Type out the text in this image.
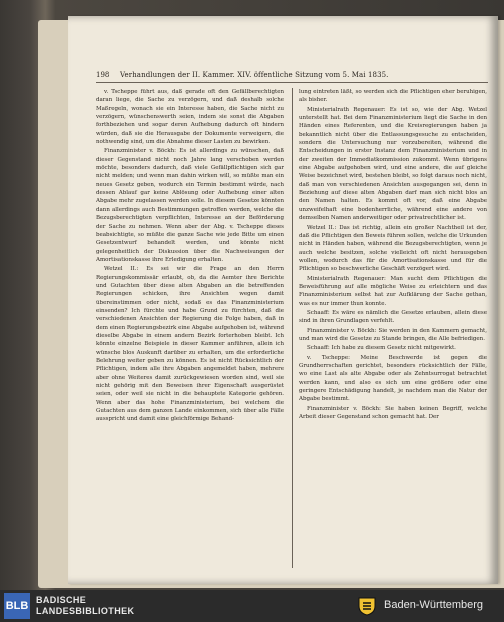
198 Verhandlungen der II. Kammer. XIV. öffentliche Sitzung vom 5. Mai 1835.

v. Tscheppe führt aus, daß gerade oft den Gefällberechtigten daran liege, die Sache zu verzögern, und daß deshalb solche Maßregeln, wonach sie ein Interesse haben, die Sache nicht zu verzögern, wünschenswerth seien, indem sie sonst die Abgaben forthbeziehen und sogar deren Aufhebung dadurch oft hindern würden, daß sie die Herausgabe der Dokumente verweigern, die nothwendig sind, um die Abnahme dieser Lasten zu bewirken.

Finanzminister v. Böckh: Es ist allerdings zu wünschen, daß dieser Gegenstand nicht noch Jahre lang verschoben werden möchte, besonders dadurch, daß viele Gefällpflichtigen sich gar nicht melden; und wenn man dahin wirken will, so müßte man ein neues Gesetz geben, wodurch ein Termin bestimmt würde, nach dessen Ablauf gar keine Ablösung oder Aufhebung einer alten Abgabe mehr zugelassen werden solle. In diesem Gesetze könnten dann allerdings auch Bestimmungen getroffen werden, welche die Bezugsberechtigten verpflichten, Interesse an der Beförderung der Sache zu nehmen. Wenn aber der Abg. v. Tscheppe dieses beabsichtigte, so müßte die ganze Sache wie jede Bitte um einen Gesetzentwurf behandelt werden, und könnte nicht gelegenheitlich der Diskussion über die Nachweisungen der Amortisationskasse ihre Erledigung erhalten.

Wetzel II.: Es sei wir die Frage an den Herrn Regierungskommissär erlaubt, ob, da die Aemter ihre Berichte und Gutachten über diese alten Abgaben an die betreffenden Regierungen schicken, ihre Ansichten wegen damit übereinstimmen oder nicht, sodaß es das Finanzministerium einsenden? Ich fürchte und habe Grund zu fürchten, daß die verschiedenen Ansichten der Regierung die Folge haben, daß in dem einen Regierungsbezirk eine Abgabe aufgehoben ist, während dieselbe Abgabe in einem andern Bezirk forterhoben bleibt. Ich könnte einzelne Beispiele in dieser Kammer anführen, allein ich wünsche blos Auskunft darüber zu erhalten, um die erforderliche Belehrung weiter geben zu können. Es ist nicht Rücksichtlich der Pflichtigen, indem alle ihre Abgaben angemeldet haben, mehrere aber ohne Weiteres damit zurückgewiesen worden sind, weil sie nicht gehörig mit den Beweisen ihrer Eigenschaft ausgerüstet seien, oder weil sie nicht in die behauptete Kategorie gehören. Wenn aber das hohe Finanzministerium, bei welchem die Gutachten aus dem ganzen Lande einkommen, sich über alle Fälle ausspricht und damit eine gleichförmige Behand-

lung eintreten läßt, so werden sich die Pflichtigen eher beruhigen, als bisher.

Ministerialrath Regenauer: Es ist so, wie der Abg. Wetzel unterstellt hat. Bei dem Finanzministerium liegt die Sache in den Händen eines Referenten, und die Kreisregierungen haben ja bekanntlich nicht über die Entlassungsgesuche zu entscheiden, sondern die Untersuchung nur vorzubereiten, während die Entscheidungen in erster Instanz dem Finanzministerium und in der zweiten der Immediatkommission zukommt. Wenn übrigens eine Abgabe aufgehoben wird, und eine andere, die auf gleiche Weise bezeichnet wird, bestehen bleibt, so folgt daraus noch nicht, daß man von verschiedenen Ansichten ausgegangen sei, denn in Beziehung auf diese alten Abgaben darf man sich nicht blos an den Namen halten. Es kommt oft vor, daß eine Abgabe unzweifelhaft eine bodenherrliche, während eine andere von demselben Namen anderweitiger oder privatrechtlicher ist.

Wetzel II.: Das ist richtig, allein ein großer Nachtheil ist der, daß die Pflichtigen den Beweis führen sollen, welche die Urkunden nicht in Händen haben, während die Bezugsberechtigten, wenn je auch welche besitzen, solche vielleicht oft nicht herausgeben wollen, wodurch das für die Amortisationskasse und für die Pflichtigen so beschwerliche Geschäft verzögert wird.

Ministerialrath Regenauer: Man sucht dem Pflichtigen die Beweisführung auf alle mögliche Weise zu erleichtern und das Finanzministerium selbst hat zur Aufklärung der Sache gethan, was es nur immer thun konnte.

Schaaff: Es wäre es nämlich die Gesetze erlauben, allein diese sind in ihren Grundlagen verfehlt.

Finanzminister v. Böckh: Sie werden in den Kammern gemacht, und man wird die Gesetze zu Stande bringen, die Alle befriedigen.

Schaaff: Ich habe zu diesem Gesetz nicht mitgewirkt.

v. Tscheppe: Meine Beschwerde ist gegen die Grundherrschaften gerichtet, besonders rücksichtlich der Fälle, wo eine Last als alte Abgabe oder als Zehntsurrogat betrachtet werden kann, und also es sich um eine größere oder eine geringere Entschädigung handelt, je nachdem man die Natur der Abgabe bestimmt.

Finanzminister v. Böckh: Sie haben keinen Begriff, welche Arbeit dieser Gegenstand schon gemacht hat. Der

BLB BADISCHE
LANDESBIBLIOTHEK	Baden-Württemberg
